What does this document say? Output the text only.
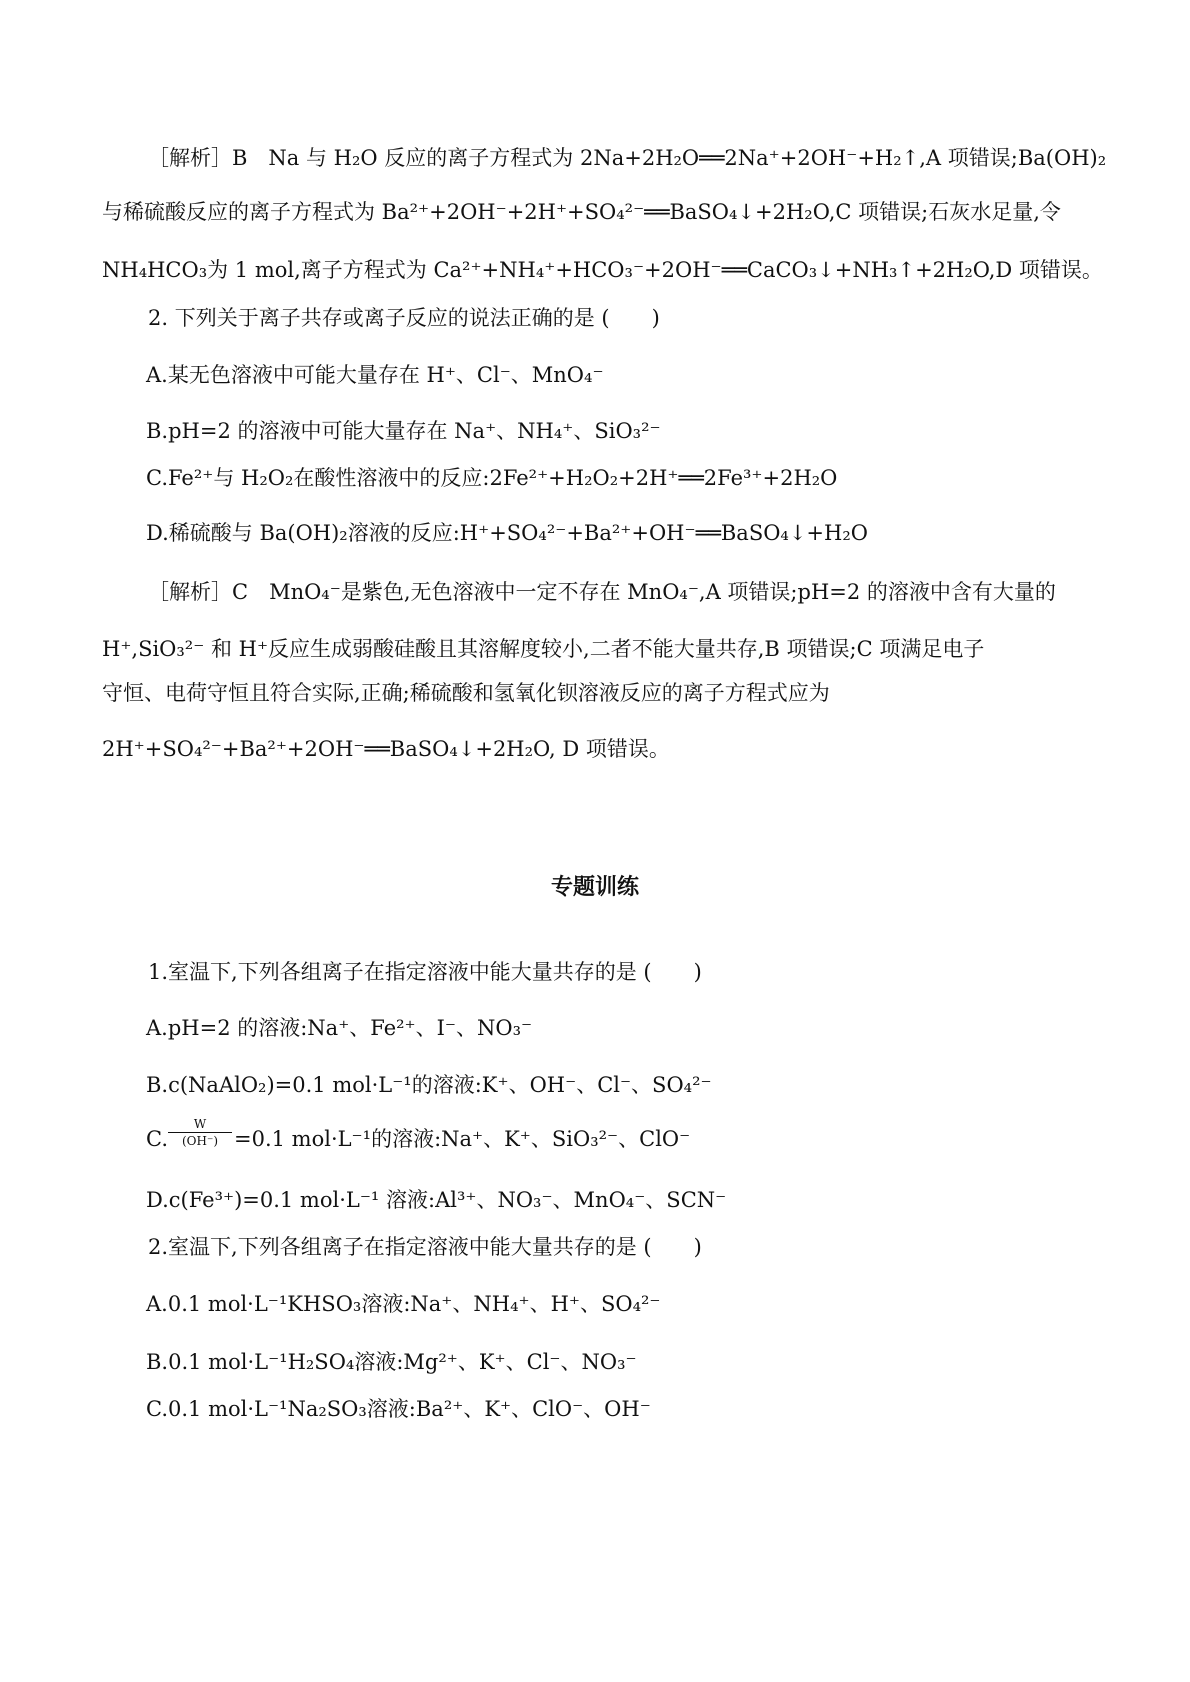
［解析］B　Na 与 H₂O 反应的离子方程式为 2Na+2H₂O══2Na⁺+2OH⁻+H₂↑,A 项错误;Ba(OH)₂
与稀硫酸反应的离子方程式为 Ba²⁺+2OH⁻+2H⁺+SO₄²⁻══BaSO₄↓+2H₂O,C 项错误;石灰水足量,令
NH₄HCO₃为 1 mol,离子方程式为 Ca²⁺+NH₄⁺+HCO₃⁻+2OH⁻══CaCO₃↓+NH₃↑+2H₂O,D 项错误。
2. 下列关于离子共存或离子反应的说法正确的是 (　　)
A.某无色溶液中可能大量存在 H⁺、Cl⁻、MnO₄⁻
B.pH=2 的溶液中可能大量存在 Na⁺、NH₄⁺、SiO₃²⁻
C.Fe²⁺与 H₂O₂在酸性溶液中的反应:2Fe²⁺+H₂O₂+2H⁺══2Fe³⁺+2H₂O
D.稀硫酸与 Ba(OH)₂溶液的反应:H⁺+SO₄²⁻+Ba²⁺+OH⁻══BaSO₄↓+H₂O
［解析］C　MnO₄⁻是紫色,无色溶液中一定不存在 MnO₄⁻,A 项错误;pH=2 的溶液中含有大量的
H⁺,SiO₃²⁻ 和 H⁺反应生成弱酸硅酸且其溶解度较小,二者不能大量共存,B 项错误;C 项满足电子
守恒、电荷守恒且符合实际,正确;稀硫酸和氢氧化钡溶液反应的离子方程式应为
2H⁺+SO₄²⁻+Ba²⁺+2OH⁻══BaSO₄↓+2H₂O, D 项错误。
专题训练
1.室温下,下列各组离子在指定溶液中能大量共存的是 (　　)
A.pH=2 的溶液:Na⁺、Fe²⁺、I⁻、NO₃⁻
B.c(NaAlO₂)=0.1 mol·L⁻¹的溶液:K⁺、OH⁻、Cl⁻、SO₄²⁻
C.
W
(OH⁻) =0.1 mol·L⁻¹的溶液:Na⁺、K⁺、SiO₃²⁻、ClO⁻
D.c(Fe³⁺)=0.1 mol·L⁻¹ 溶液:Al³⁺、NO₃⁻、MnO₄⁻、SCN⁻
2.室温下,下列各组离子在指定溶液中能大量共存的是 (　　)
A.0.1 mol·L⁻¹KHSO₃溶液:Na⁺、NH₄⁺、H⁺、SO₄²⁻
B.0.1 mol·L⁻¹H₂SO₄溶液:Mg²⁺、K⁺、Cl⁻、NO₃⁻
C.0.1 mol·L⁻¹Na₂SO₃溶液:Ba²⁺、K⁺、ClO⁻、OH⁻
